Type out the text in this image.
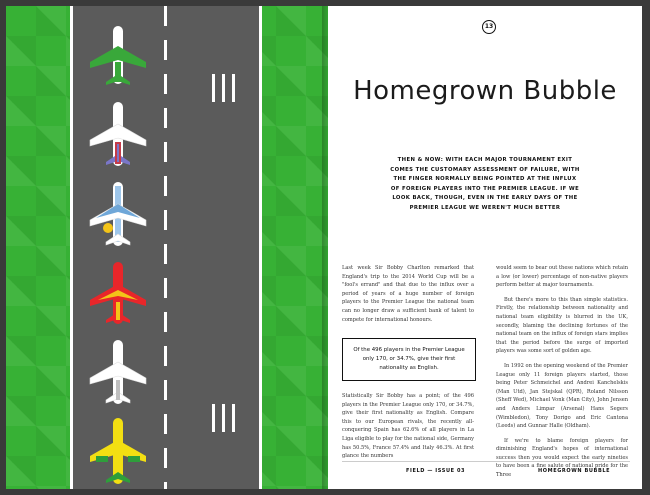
13
Homegrown Bubble
THEN & NOW: WITH EACH MAJOR TOURNAMENT EXIT COMES THE CUSTOMARY ASSESSMENT OF FAILURE, WITH THE FINGER NORMALLY BEING POINTED AT THE INFLUX OF FOREIGN PLAYERS INTO THE PREMIER LEAGUE. IF WE LOOK BACK, THOUGH, EVEN IN THE EARLY DAYS OF THE PREMIER LEAGUE WE WEREN'T MUCH BETTER

Last week Sir Bobby Charlton remarked that England's trip to the 2014 World Cup will be a "fool's errand" and that due to the influx over a period of years of a huge number of foreign players to the Premier League the national team can no longer draw a sufficient bank of talent to compete for international honours.

Of the 496 players in the Premier League only 170, or 34.7%, give their first nationality as English.

Statistically Sir Bobby has a point; of the 496 players in the Premier League only 170, or 34.7%, give their first nationality as English. Compare this to our European rivals, the recently all-conquering Spain has 62.6% of all players in La Liga eligible to play for the national side, Germany has 50.5%, France 57.4% and Italy 46.3%. At first glance the numbers

would seem to bear out these nations which retain a low (or lower) percentage of non-native players perform better at major tournaments.

But there's more to this than simple statistics. Firstly, the relationship between nationality and national team eligibility is blurred in the UK, secondly, blaming the declining fortunes of the national team on the influx of foreign stars implies that the period before the surge of imported players was some sort of golden age.

In 1992 on the opening weekend of the Premier League only 11 foreign players started, those being Peter Schmeichel and Andrei Kanchelskis (Man Utd), Jan Stejskal (QPR), Roland Nilsson (Sheff Wed), Michael Vonk (Man City), John Jensen and Anders Limpar (Arsenal) Hans Segers (Wimbledon), Tony Dorigo and Eric Cantona (Leeds) and Gunnar Halle (Oldham).

If we're to blame foreign players for diminishing England's hopes of international success then you would expect the early nineties to have been a fine salute of national pride for the Three

FIELD — ISSUE 03	HOMEGROWN BUBBLE
